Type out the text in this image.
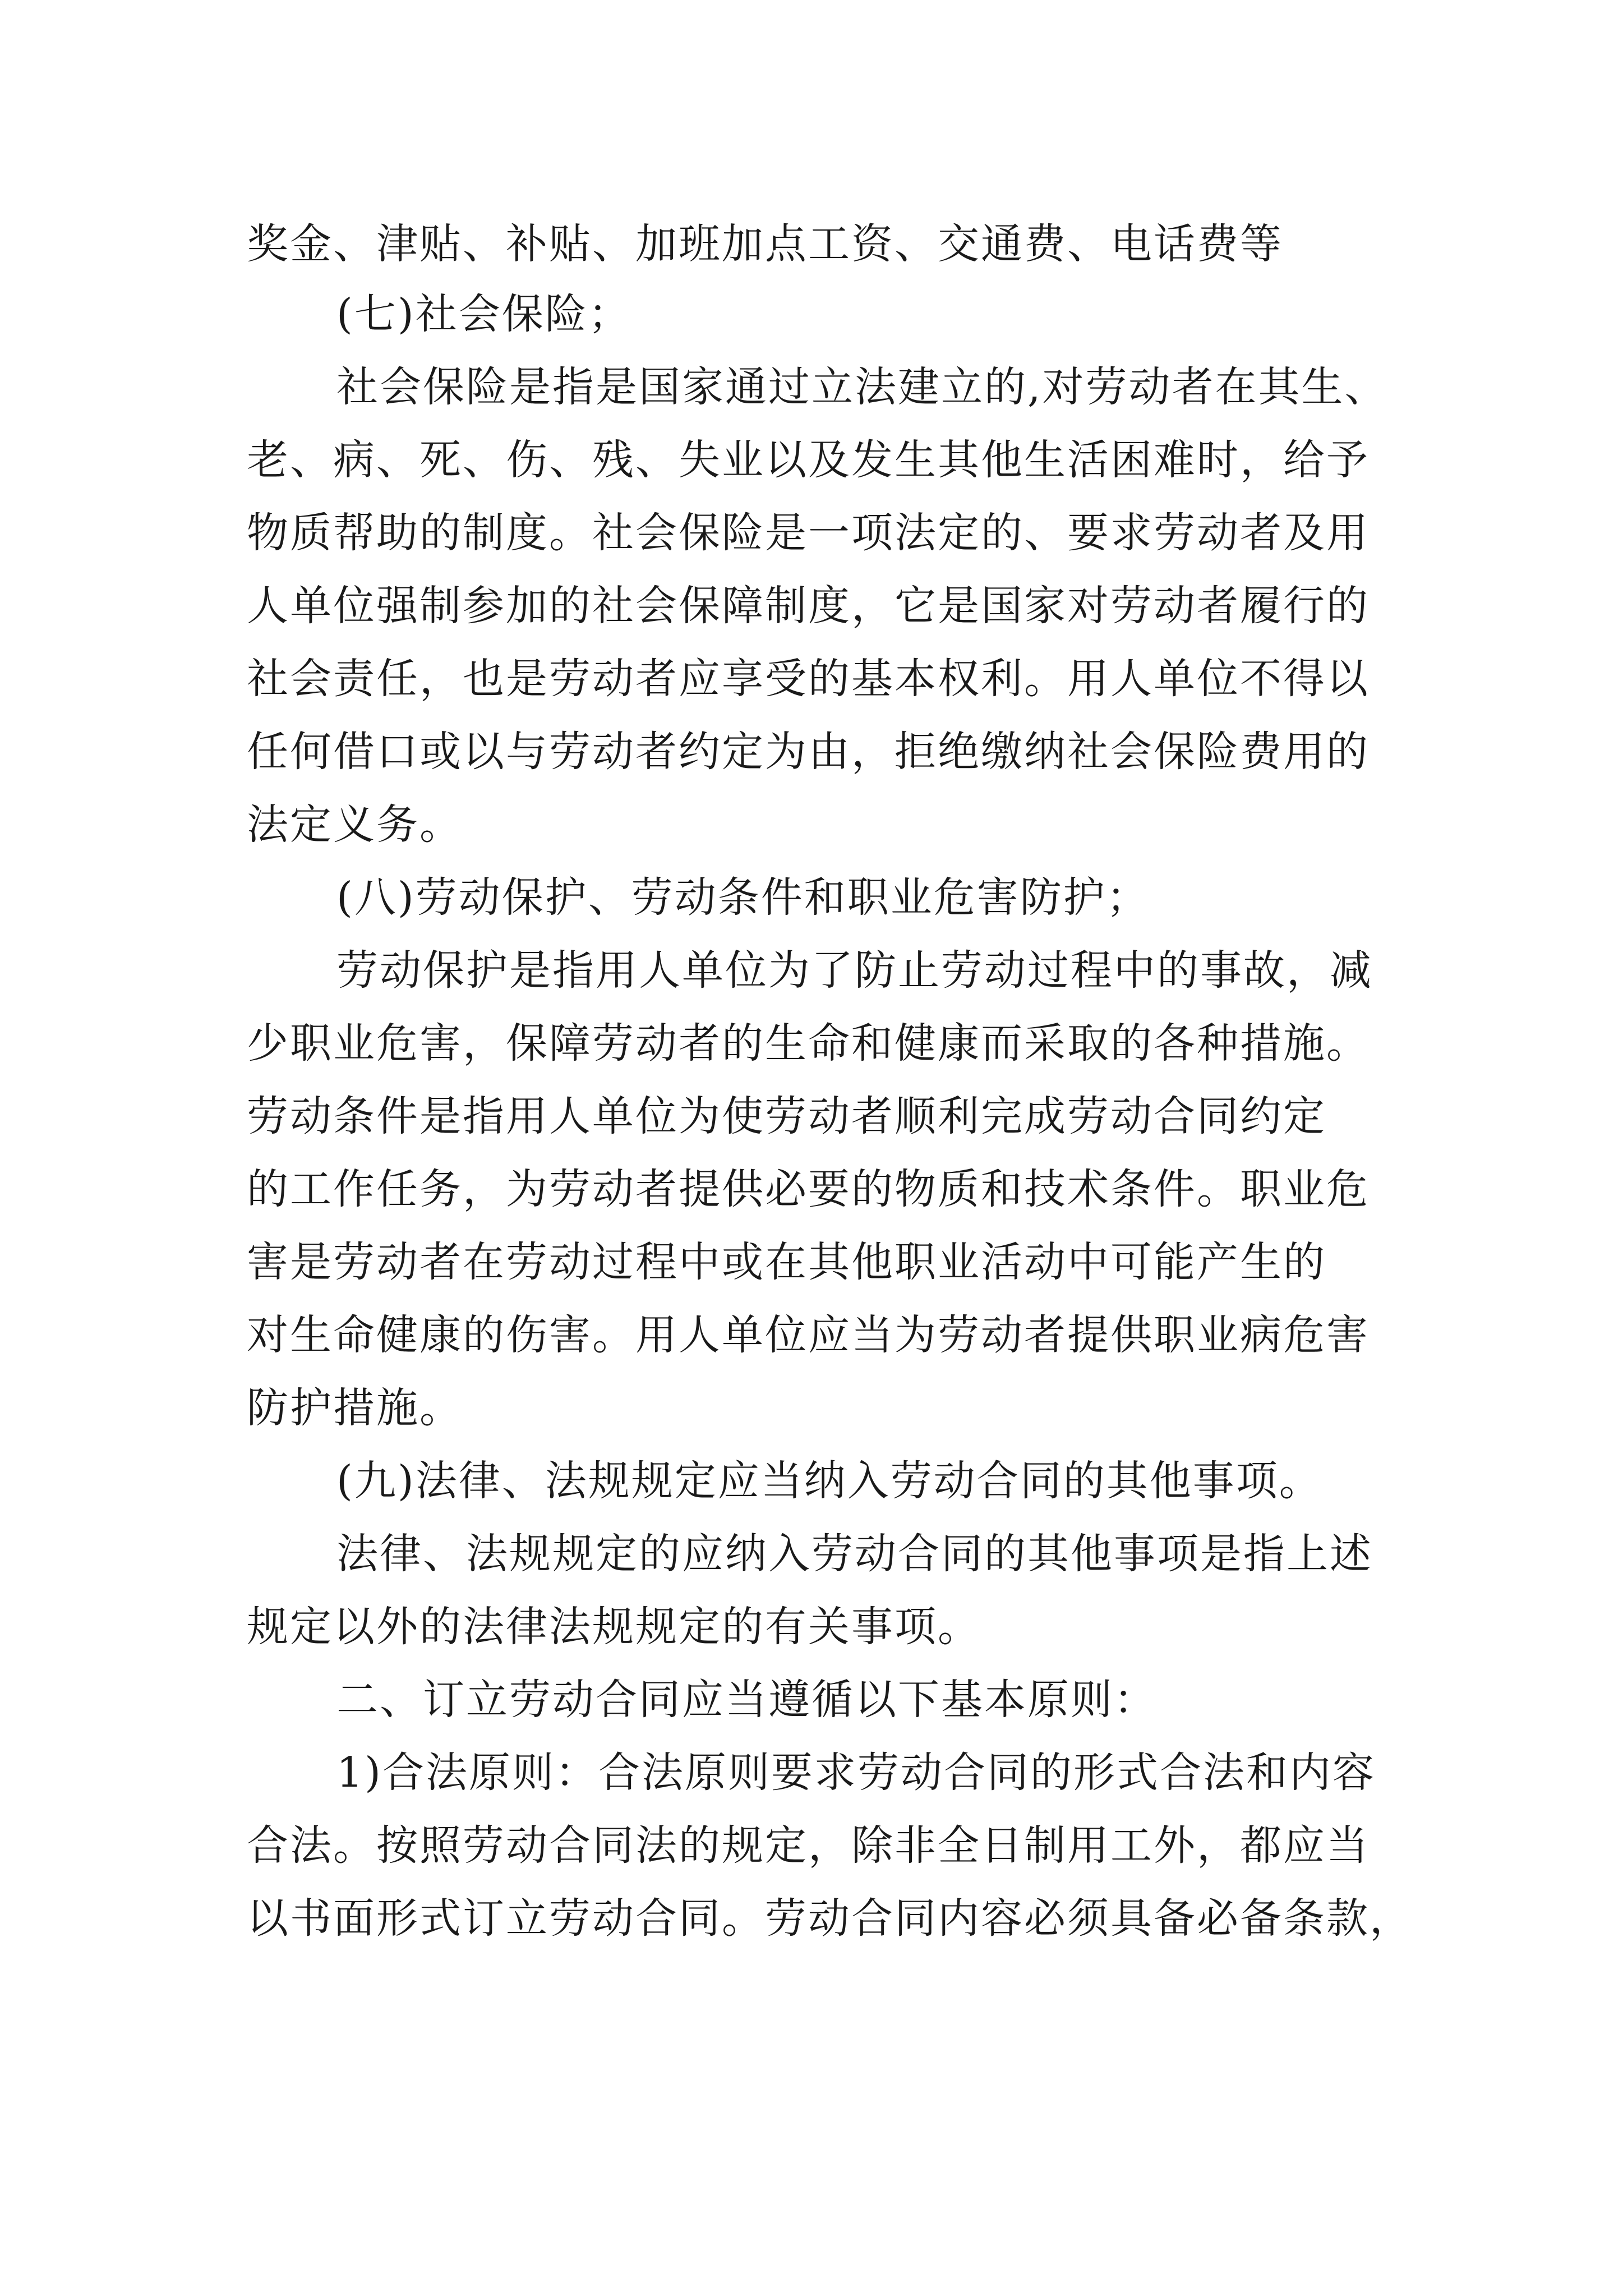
奖金、津贴、补贴、加班加点工资、交通费、电话费等
(七)社会保险；
社会保险是指是国家通过立法建立的,对劳动者在其生、
老、病、死、伤、残、失业以及发生其他生活困难时，给予
物质帮助的制度。社会保险是一项法定的、要求劳动者及用
人单位强制参加的社会保障制度，它是国家对劳动者履行的
社会责任，也是劳动者应享受的基本权利。用人单位不得以
任何借口或以与劳动者约定为由，拒绝缴纳社会保险费用的
法定义务。
(八)劳动保护、劳动条件和职业危害防护；
劳动保护是指用人单位为了防止劳动过程中的事故，减
少职业危害，保障劳动者的生命和健康而采取的各种措施。
劳动条件是指用人单位为使劳动者顺利完成劳动合同约定
的工作任务，为劳动者提供必要的物质和技术条件。职业危
害是劳动者在劳动过程中或在其他职业活动中可能产生的
对生命健康的伤害。用人单位应当为劳动者提供职业病危害
防护措施。
(九)法律、法规规定应当纳入劳动合同的其他事项。
法律、法规规定的应纳入劳动合同的其他事项是指上述
规定以外的法律法规规定的有关事项。
二、订立劳动合同应当遵循以下基本原则：
1)合法原则：合法原则要求劳动合同的形式合法和内容
合法。按照劳动合同法的规定，除非全日制用工外，都应当
以书面形式订立劳动合同。劳动合同内容必须具备必备条款，
